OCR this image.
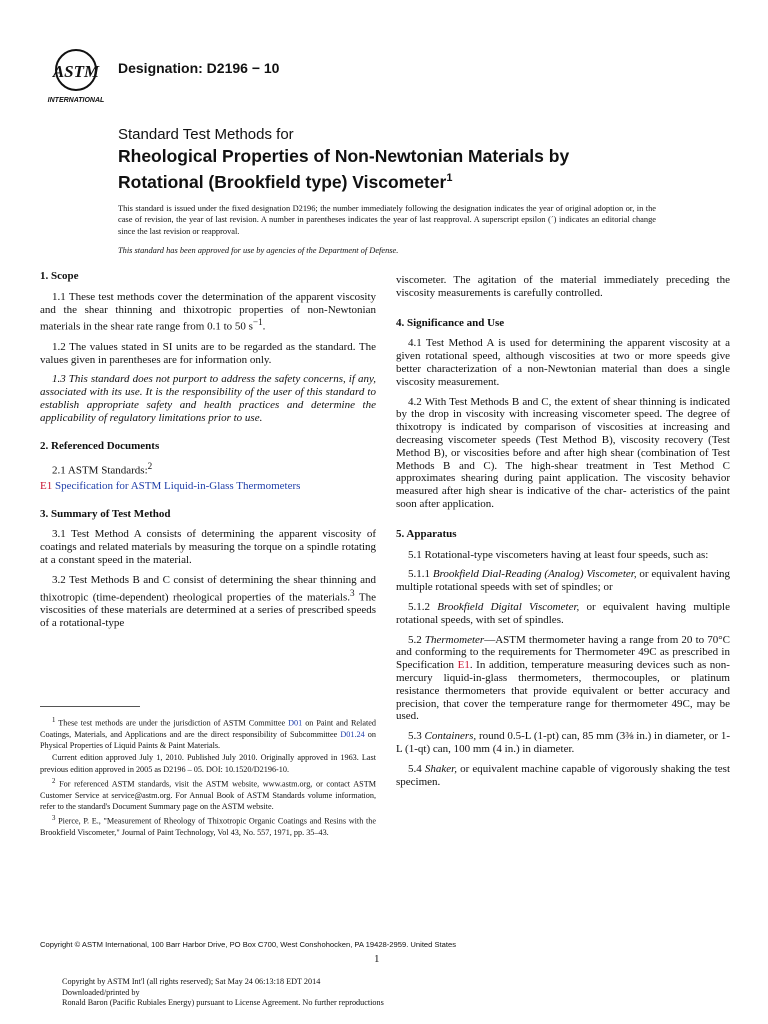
ASTM
INTERNATIONAL
Designation: D2196 − 10
Standard Test Methods for
Rheological Properties of Non-Newtonian Materials by
Rotational (Brookfield type) Viscometer$^1$
This standard is issued under the fixed designation D2196; the number immediately following the designation indicates the year of original adoption or, in the case of revision, the year of last revision. A number in parentheses indicates the year of last reapproval. A superscript epsilon (´) indicates an editorial change since the last revision or reapproval.
This standard has been approved for use by agencies of the Department of Defense.
1. Scope

1.1 These test methods cover the determination of the apparent viscosity and the shear thinning and thixotropic properties of non-Newtonian materials in the shear rate range from 0.1 to 50 $s^{-1}$.

1.2 The values stated in SI units are to be regarded as the standard. The values given in parentheses are for information only.

1.3 This standard does not purport to address the safety concerns, if any, associated with its use. It is the responsibility of the user of this standard to establish appropriate safety and health practices and determine the applicability of regulatory limitations prior to use.

2. Referenced Documents

2.1 ASTM Standards:$^2$

E1 Specification for ASTM Liquid-in-Glass Thermometers

3. Summary of Test Method

3.1 Test Method A consists of determining the apparent viscosity of coatings and related materials by measuring the torque on a spindle rotating at a constant speed in the material.

3.2 Test Methods B and C consist of determining the shear thinning and thixotropic (time-dependent) rheological properties of the materials.$^3$ The viscosities of these materials are determined at a series of prescribed speeds of a rotational-type

$^1$ These test methods are under the jurisdiction of ASTM Committee D01 on Paint and Related Coatings, Materials, and Applications and are the direct responsibility of Subcommittee D01.24 on Physical Properties of Liquid Paints & Paint Materials.

Current edition approved July 1, 2010. Published July 2010. Originally approved in 1963. Last previous edition approved in 2005 as D2196 – 05. DOI: 10.1520/D2196-10.

$^2$ For referenced ASTM standards, visit the ASTM website, www.astm.org, or contact ASTM Customer Service at service@astm.org. For Annual Book of ASTM Standards volume information, refer to the standard's Document Summary page on the ASTM website.

$^3$ Pierce, P. E., "Measurement of Rheology of Thixotropic Organic Coatings and Resins with the Brookfield Viscometer," Journal of Paint Technology, Vol 43, No. 557, 1971, pp. 35–43.

viscometer. The agitation of the material immediately preceding the viscosity measurements is carefully controlled.

4. Significance and Use

4.1 Test Method A is used for determining the apparent viscosity at a given rotational speed, although viscosities at two or more speeds give better characterization of a non-Newtonian material than does a single viscosity measurement.

4.2 With Test Methods B and C, the extent of shear thinning is indicated by the drop in viscosity with increasing viscometer speed. The degree of thixotropy is indicated by comparison of viscosities at increasing and decreasing viscometer speeds (Test Method B), viscosity recovery (Test Method B), or viscosities before and after high shear (combination of Test Methods B and C). The high-shear treatment in Test Method C approximates shearing during paint application. The viscosity behavior measured after high shear is indicative of the char- acteristics of the paint soon after application.

5. Apparatus

5.1 Rotational-type viscometers having at least four speeds, such as:

5.1.1 Brookfield Dial-Reading (Analog) Viscometer, or equivalent having multiple rotational speeds with set of spindles; or

5.1.2 Brookfield Digital Viscometer, or equivalent having multiple rotational speeds, with set of spindles.

5.2 Thermometer—ASTM thermometer having a range from 20 to 70°C and conforming to the requirements for Thermometer 49C as prescribed in Specification E1. In addition, temperature measuring devices such as non-mercury liquid-in-glass thermometers, thermocouples, or platinum resistance thermometers that provide equivalent or better accuracy and precision, that cover the temperature range for thermometer 49C, may be used.

5.3 Containers, round 0.5-L (1-pt) can, 85 mm (3⅜ in.) in diameter, or 1-L (1-qt) can, 100 mm (4 in.) in diameter.

5.4 Shaker, or equivalent machine capable of vigorously shaking the test specimen.

Copyright © ASTM International, 100 Barr Harbor Drive, PO Box C700, West Conshohocken, PA 19428-2959. United States
1
Copyright by ASTM Int'l (all rights reserved); Sat May 24 06:13:18 EDT 2014
Downloaded/printed by
Ronald Baron (Pacific Rubiales Energy) pursuant to License Agreement. No further reproductions
